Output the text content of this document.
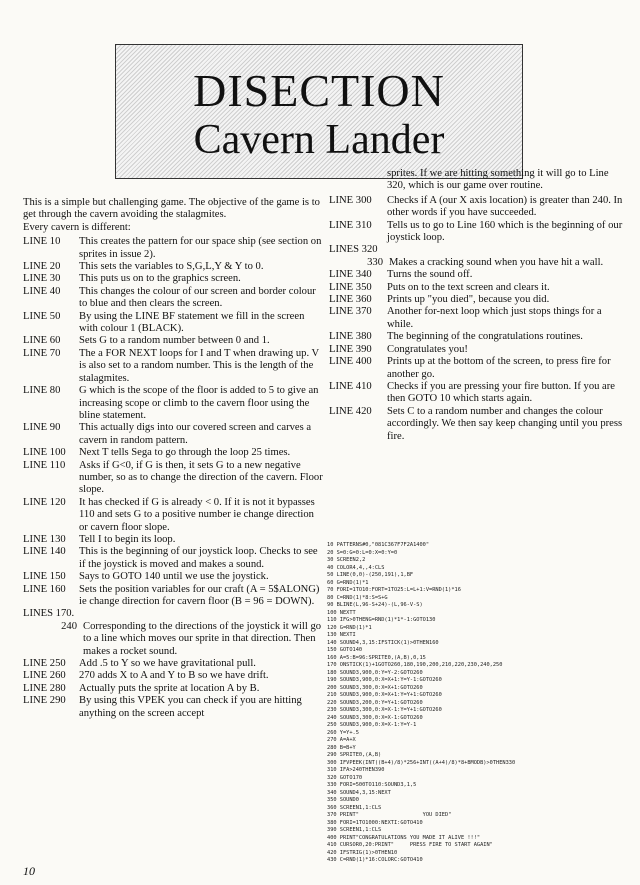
DISECTION
Cavern Lander
This is a simple but challenging game. The objective of the game is to get through the cavern avoiding the stalagmites.
Every cavern is different:
LINE 10	This creates the pattern for our space ship (see section on sprites in issue 2).
LINE 20	This sets the variables to S,G,L,Y & Y to 0.
LINE 30	This puts us on to the graphics screen.
LINE 40	This changes the colour of our screen and border colour to blue and then clears the screen.
LINE 50	By using the LINE BF statement we fill in the screen with colour 1 (BLACK).
LINE 60	Sets G to a random number between 0 and 1.
LINE 70	The a FOR NEXT loops for I and T when drawing up. V is also set to a random number. This is the length of the stalagmites.
LINE 80	G which is the scope of the floor is added to 5 to give an increasing scope or climb to the cavern floor using the bline statement.
LINE 90	This actually digs into our covered screen and carves a cavern in random pattern.
LINE 100	Next T tells Sega to go through the loop 25 times.
LINE 110	Asks if G<0, if G is then, it sets G to a new negative number, so as to change the direction of the cavern. Floor slope.
LINE 120	It has checked if G is already < 0. If it is not it bypasses 110 and sets G to a positive number ie change direction or cavern floor slope.
LINE 130	Tell I to begin its loop.
LINE 140	This is the beginning of our joystick loop. Checks to see if the joystick is moved and makes a sound.
LINE 150	Says to GOTO 140 until we use the joystick.
LINE 160	Sets the position variables for our craft (A = 5$ALONG) ie change direction for cavern floor (B = 96 = DOWN).
LINES 170.
240 Corresponding to the directions of the joystick it will go to a line which moves our sprite in that direction. Then makes a rocket sound.
LINE 250	Add .5 to Y so we have gravitational pull.
LINE 260	270 adds X to A and Y to B so we have drift.
LINE 280	Actually puts the sprite at location A by B.
LINE 290	By using this VPEK you can check if you are hitting anything on the screen accept
sprites. If we are hitting something it will go to Line 320, which is our game over routine.
LINE 300	Checks if A (our X axis location) is greater than 240. In other words if you have succeeded.
LINE 310	Tells us to go to Line 160 which is the beginning of our joystick loop.
LINES 320
330 Makes a cracking sound when you have hit a wall.
LINE 340	Turns the sound off.
LINE 350	Puts on to the text screen and clears it.
LINE 360	Prints up "you died", because you did.
LINE 370	Another for-next loop which just stops things for a while.
LINE 380	The beginning of the congratulations routines.
LINE 390	Congratulates you!
LINE 400	Prints up at the bottom of the screen, to press fire for another go.
LINE 410	Checks if you are pressing your fire button. If you are then GOTO 10 which starts again.
LINE 420	Sets C to a random number and changes the colour accordingly. We then say keep changing until you press fire.
10 PATTERNS#0,"081C367F7F2A1400"
20 S=0:G=0:L=0:X=0:Y=0
30 SCREEN2,2
40 COLOR4,4,,4:CLS
50 LINE(0,0)-(250,191),1,BF
60 G=RND(1)*1
70 FORI=1TO10:FORT=1TO25:L=L+1:V=RND(1)*16
80 C=RND(1)*8:S=S+G
90 BLINE(L,96-S+24)-(L,96-V-S)
100 NEXTT
110 IFG>0THENG=RND(1)*1*-1:GOTO130
120 G=RND(1)*1
130 NEXTI
140 SOUND4,3,15:IFSTICK(1)>0THEN160
150 GOTO140
160 A=5:B=96:SPRITE0,(A,B),0,15
170 ONSTICK(1)+1GOTO260,180,190,200,210,220,230,240,250
180 SOUND3,900,0:Y=Y-2:GOTO260
190 SOUND3,900,0:X=X+1:Y=Y-1:GOTO260
200 SOUND3,300,0:X=X+1:GOTO260
210 SOUND3,900,0:X=X+1:Y=Y+1:GOTO260
220 SOUND3,200,0:Y=Y+1:GOTO260
230 SOUND3,300,0:X=X-1:Y=Y+1:GOTO260
240 SOUND3,300,0:X=X-1:GOTO260
250 SOUND3,900,0:X=X-1:Y=Y-1
260 Y=Y+.5
270 A=A+X
280 B=B+Y
290 SPRITE0,(A,B)
300 IFVPEEK(INT((B+4)/8)*256+INT((A+4)/8)*8+BMODB)>0THEN330
310 IFA>240THEN390
320 GOTO170
330 FORI=500TO110:SOUND3,1,5
340 SOUND4,3,15:NEXT
350 SOUND0
360 SCREEN1,1:CLS
370 PRINT"                    YOU DIED"
380 FORI=1TO1000:NEXTI:GOTO410
390 SCREEN1,1:CLS
400 PRINT"CONGRATULATIONS YOU MADE IT ALIVE !!!"
410 CURSOR0,20:PRINT"     PRESS FIRE TO START AGAIN"
420 IFSTRIG(1)>0THEN10
430 C=RND(1)*16:COLORC:GOTO410
10
